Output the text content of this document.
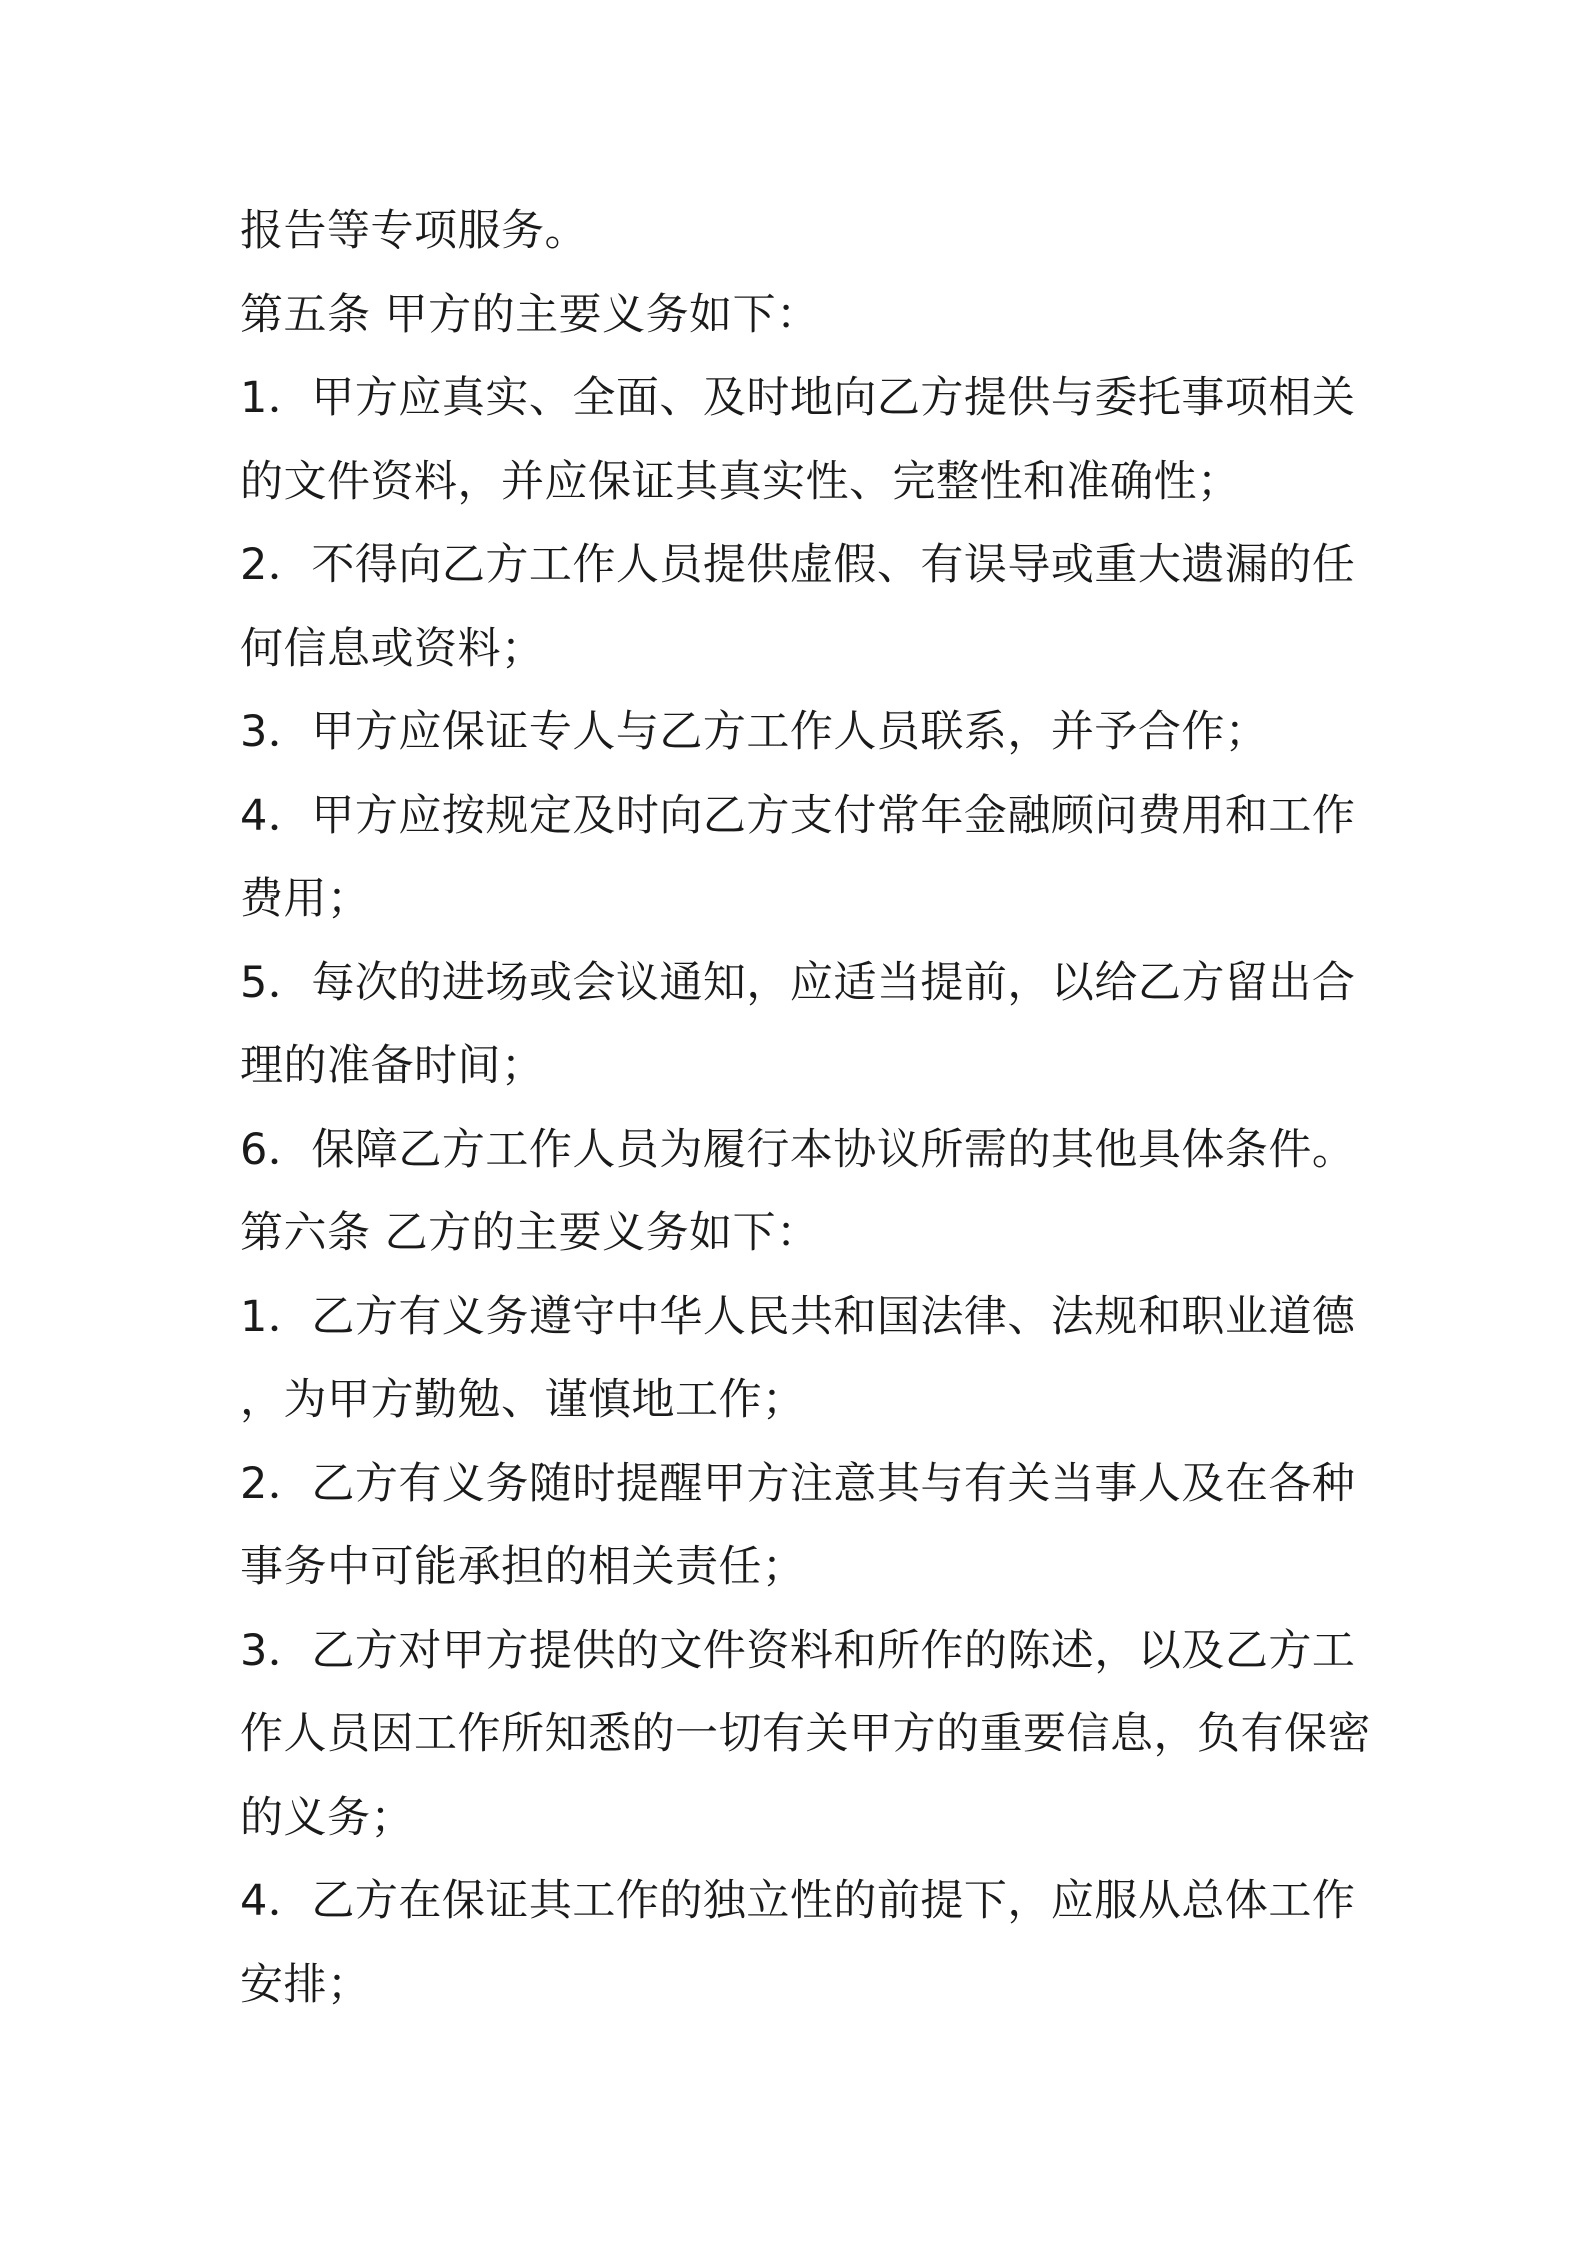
报告等专项服务。
第五条 甲方的主要义务如下：
1．甲方应真实、全面、及时地向乙方提供与委托事项相关
的文件资料，并应保证其真实性、完整性和准确性；
2．不得向乙方工作人员提供虚假、有误导或重大遗漏的任
何信息或资料；
3．甲方应保证专人与乙方工作人员联系，并予合作；
4．甲方应按规定及时向乙方支付常年金融顾问费用和工作
费用；
5．每次的进场或会议通知，应适当提前，以给乙方留出合
理的准备时间；
6．保障乙方工作人员为履行本协议所需的其他具体条件。
第六条 乙方的主要义务如下：
1．乙方有义务遵守中华人民共和国法律、法规和职业道德
，为甲方勤勉、谨慎地工作；
2．乙方有义务随时提醒甲方注意其与有关当事人及在各种
事务中可能承担的相关责任；
3．乙方对甲方提供的文件资料和所作的陈述，以及乙方工
作人员因工作所知悉的一切有关甲方的重要信息，负有保密
的义务；
4．乙方在保证其工作的独立性的前提下，应服从总体工作
安排；
